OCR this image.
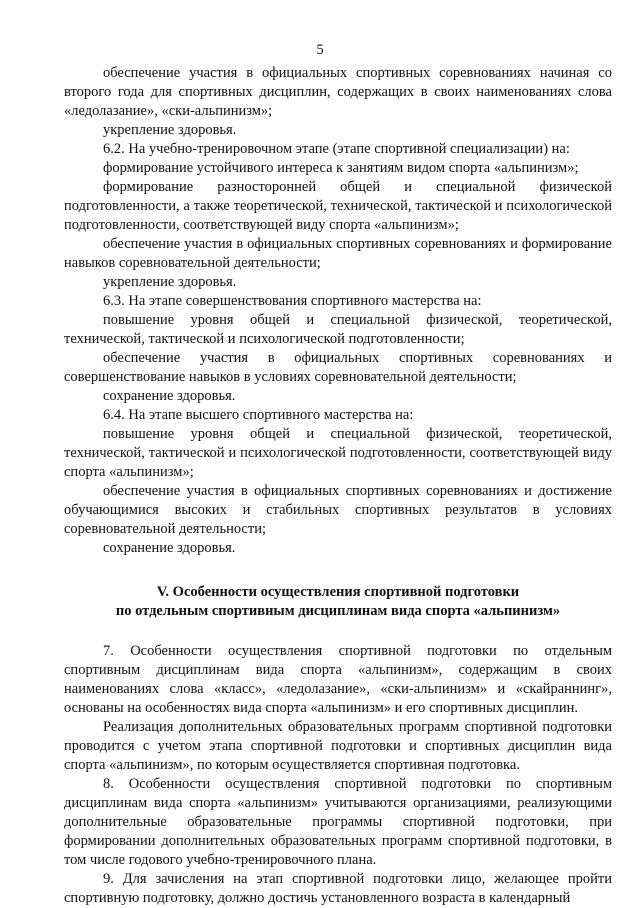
5

обеспечение участия в официальных спортивных соревнованиях начиная со второго года для спортивных дисциплин, содержащих в своих наименованиях слова «ледолазание», «ски-альпинизм»;

укрепление здоровья.

6.2. На учебно-тренировочном этапе (этапе спортивной специализации) на:

формирование устойчивого интереса к занятиям видом спорта «альпинизм»;

формирование разносторонней общей и специальной физической подготовленности, а также теоретической, технической, тактической и психологической подготовленности, соответствующей виду спорта «альпинизм»;

обеспечение участия в официальных спортивных соревнованиях и формирование навыков соревновательной деятельности;

укрепление здоровья.

6.3. На этапе совершенствования спортивного мастерства на:

повышение уровня общей и специальной физической, теоретической, технической, тактической и психологической подготовленности;

обеспечение участия в официальных спортивных соревнованиях и совершенствование навыков в условиях соревновательной деятельности;

сохранение здоровья.

6.4. На этапе высшего спортивного мастерства на:

повышение уровня общей и специальной физической, теоретической, технической, тактической и психологической подготовленности, соответствующей виду спорта «альпинизм»;

обеспечение участия в официальных спортивных соревнованиях и достижение обучающимися высоких и стабильных спортивных результатов в условиях соревновательной деятельности;

сохранение здоровья.

V. Особенности осуществления спортивной подготовки

по отдельным спортивным дисциплинам вида спорта «альпинизм»

7. Особенности осуществления спортивной подготовки по отдельным спортивным дисциплинам вида спорта «альпинизм», содержащим в своих наименованиях слова «класс», «ледолазание», «ски-альпинизм» и «скайраннинг», основаны на особенностях вида спорта «альпинизм» и его спортивных дисциплин.

Реализация дополнительных образовательных программ спортивной подготовки проводится с учетом этапа спортивной подготовки и спортивных дисциплин вида спорта «альпинизм», по которым осуществляется спортивная подготовка.

8. Особенности осуществления спортивной подготовки по спортивным дисциплинам вида спорта «альпинизм» учитываются организациями, реализующими дополнительные образовательные программы спортивной подготовки, при формировании дополнительных образовательных программ спортивной подготовки, в том числе годового учебно-тренировочного плана.

9. Для зачисления на этап спортивной подготовки лицо, желающее пройти спортивную подготовку, должно достичь установленного возраста в календарный
